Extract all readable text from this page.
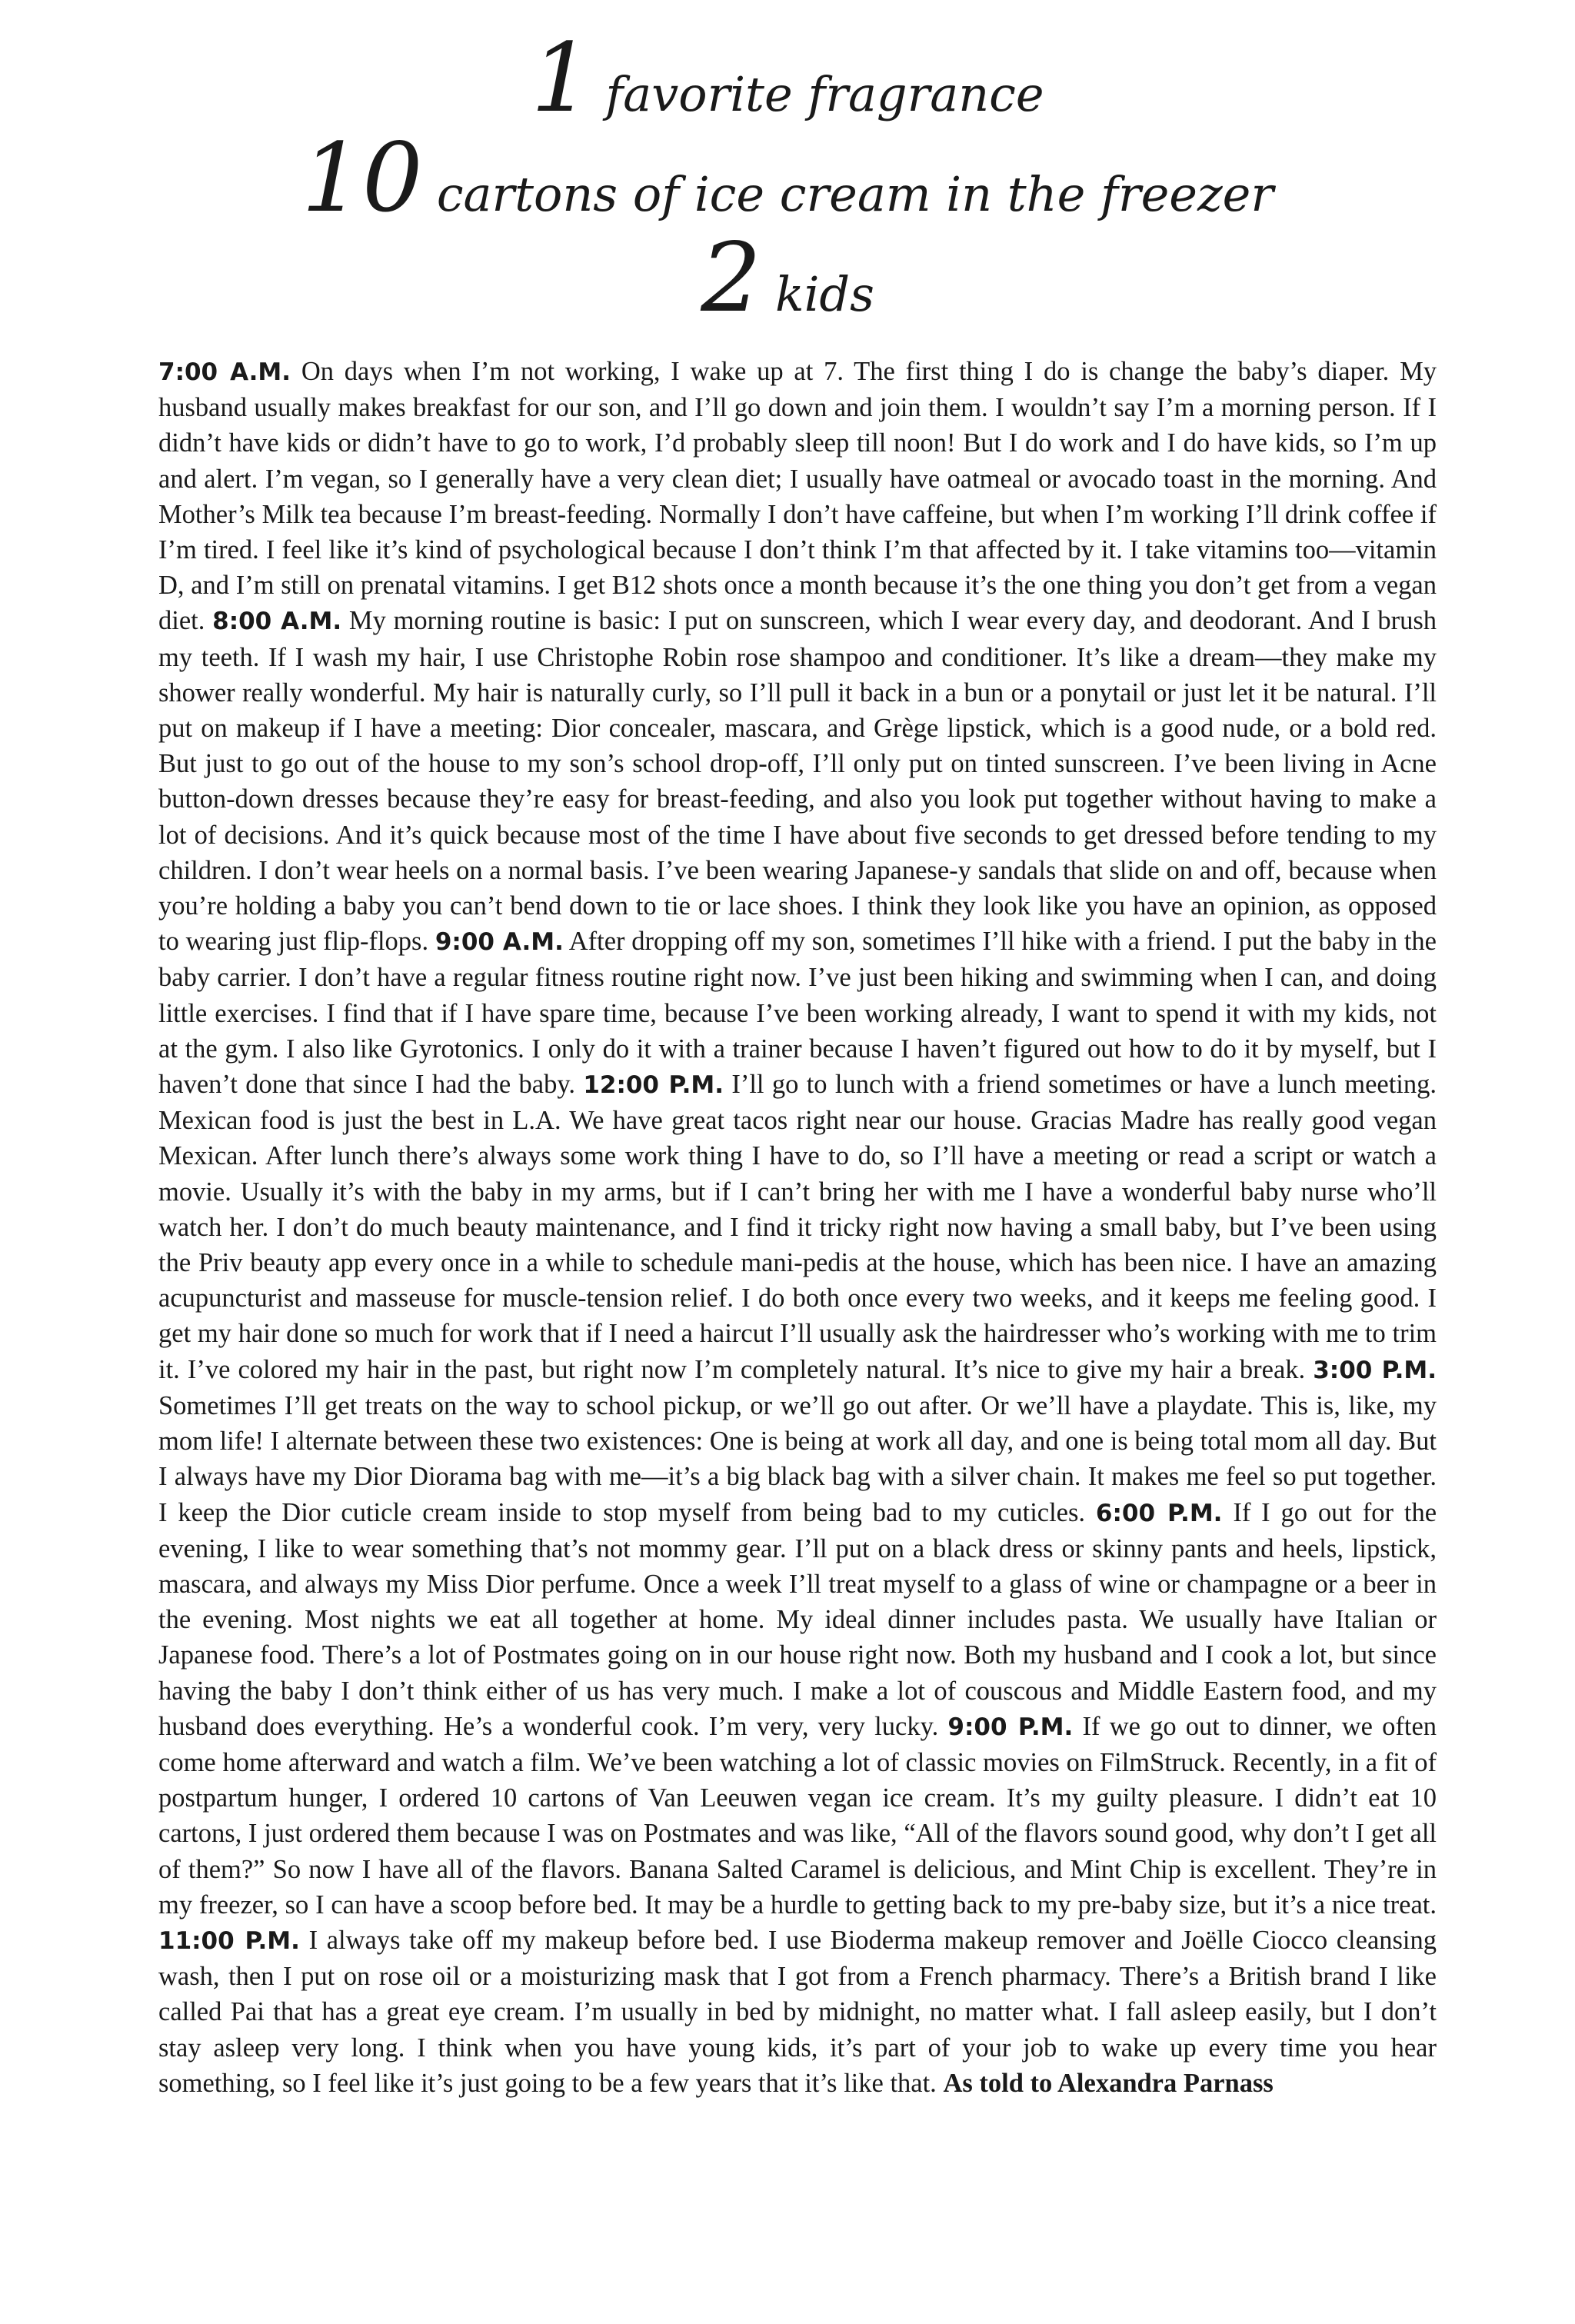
1 favorite fragrance
10 cartons of ice cream in the freezer
2 kids

7:00 A.M. On days when I’m not working, I wake up at 7. The first thing I do is change the baby’s diaper. My husband usually makes breakfast for our son, and I’ll go down and join them. I wouldn’t say I’m a morning person. If I didn’t have kids or didn’t have to go to work, I’d probably sleep till noon! But I do work and I do have kids, so I’m up and alert. I’m vegan, so I generally have a very clean diet; I usually have oatmeal or avocado toast in the morning. And Mother’s Milk tea because I’m breast-feeding. Normally I don’t have caffeine, but when I’m working I’ll drink coffee if I’m tired. I feel like it’s kind of psychological because I don’t think I’m that affected by it. I take vitamins too—vitamin D, and I’m still on prenatal vitamins. I get B12 shots once a month because it’s the one thing you don’t get from a vegan diet. 8:00 A.M. My morning routine is basic: I put on sunscreen, which I wear every day, and deodorant. And I brush my teeth. If I wash my hair, I use Christophe Robin rose shampoo and conditioner. It’s like a dream—they make my shower really wonderful. My hair is naturally curly, so I’ll pull it back in a bun or a ponytail or just let it be natural. I’ll put on makeup if I have a meeting: Dior concealer, mascara, and Grège lipstick, which is a good nude, or a bold red. But just to go out of the house to my son’s school drop-off, I’ll only put on tinted sunscreen. I’ve been living in Acne button-down dresses because they’re easy for breast-feeding, and also you look put together without having to make a lot of decisions. And it’s quick because most of the time I have about five seconds to get dressed before tending to my children. I don’t wear heels on a normal basis. I’ve been wearing Japanese-y sandals that slide on and off, because when you’re holding a baby you can’t bend down to tie or lace shoes. I think they look like you have an opinion, as opposed to wearing just flip-flops. 9:00 A.M. After dropping off my son, sometimes I’ll hike with a friend. I put the baby in the baby carrier. I don’t have a regular fitness routine right now. I’ve just been hiking and swimming when I can, and doing little exercises. I find that if I have spare time, because I’ve been working already, I want to spend it with my kids, not at the gym. I also like Gyrotonics. I only do it with a trainer because I haven’t figured out how to do it by myself, but I haven’t done that since I had the baby. 12:00 P.M. I’ll go to lunch with a friend sometimes or have a lunch meeting. Mexican food is just the best in L.A. We have great tacos right near our house. Gracias Madre has really good vegan Mexican. After lunch there’s always some work thing I have to do, so I’ll have a meeting or read a script or watch a movie. Usually it’s with the baby in my arms, but if I can’t bring her with me I have a wonderful baby nurse who’ll watch her. I don’t do much beauty maintenance, and I find it tricky right now having a small baby, but I’ve been using the Priv beauty app every once in a while to schedule mani-pedis at the house, which has been nice. I have an amazing acupuncturist and masseuse for muscle-tension relief. I do both once every two weeks, and it keeps me feeling good. I get my hair done so much for work that if I need a haircut I’ll usually ask the hairdresser who’s working with me to trim it. I’ve colored my hair in the past, but right now I’m completely natural. It’s nice to give my hair a break. 3:00 P.M. Sometimes I’ll get treats on the way to school pickup, or we’ll go out after. Or we’ll have a playdate. This is, like, my mom life! I alternate between these two existences: One is being at work all day, and one is being total mom all day. But I always have my Dior Diorama bag with me—it’s a big black bag with a silver chain. It makes me feel so put together. I keep the Dior cuticle cream inside to stop myself from being bad to my cuticles. 6:00 P.M. If I go out for the evening, I like to wear something that’s not mommy gear. I’ll put on a black dress or skinny pants and heels, lipstick, mascara, and always my Miss Dior perfume. Once a week I’ll treat myself to a glass of wine or champagne or a beer in the evening. Most nights we eat all together at home. My ideal dinner includes pasta. We usually have Italian or Japanese food. There’s a lot of Postmates going on in our house right now. Both my husband and I cook a lot, but since having the baby I don’t think either of us has very much. I make a lot of couscous and Middle Eastern food, and my husband does everything. He’s a wonderful cook. I’m very, very lucky. 9:00 P.M. If we go out to dinner, we often come home afterward and watch a film. We’ve been watching a lot of classic movies on FilmStruck. Recently, in a fit of postpartum hunger, I ordered 10 cartons of Van Leeuwen vegan ice cream. It’s my guilty pleasure. I didn’t eat 10 cartons, I just ordered them because I was on Postmates and was like, “All of the flavors sound good, why don’t I get all of them?” So now I have all of the flavors. Banana Salted Caramel is delicious, and Mint Chip is excellent. They’re in my freezer, so I can have a scoop before bed. It may be a hurdle to getting back to my pre-baby size, but it’s a nice treat. 11:00 P.M. I always take off my makeup before bed. I use Bioderma makeup remover and Joëlle Ciocco cleansing wash, then I put on rose oil or a moisturizing mask that I got from a French pharmacy. There’s a British brand I like called Pai that has a great eye cream. I’m usually in bed by midnight, no matter what. I fall asleep easily, but I don’t stay asleep very long. I think when you have young kids, it’s part of your job to wake up every time you hear something, so I feel like it’s just going to be a few years that it’s like that. As told to Alexandra Parnass
